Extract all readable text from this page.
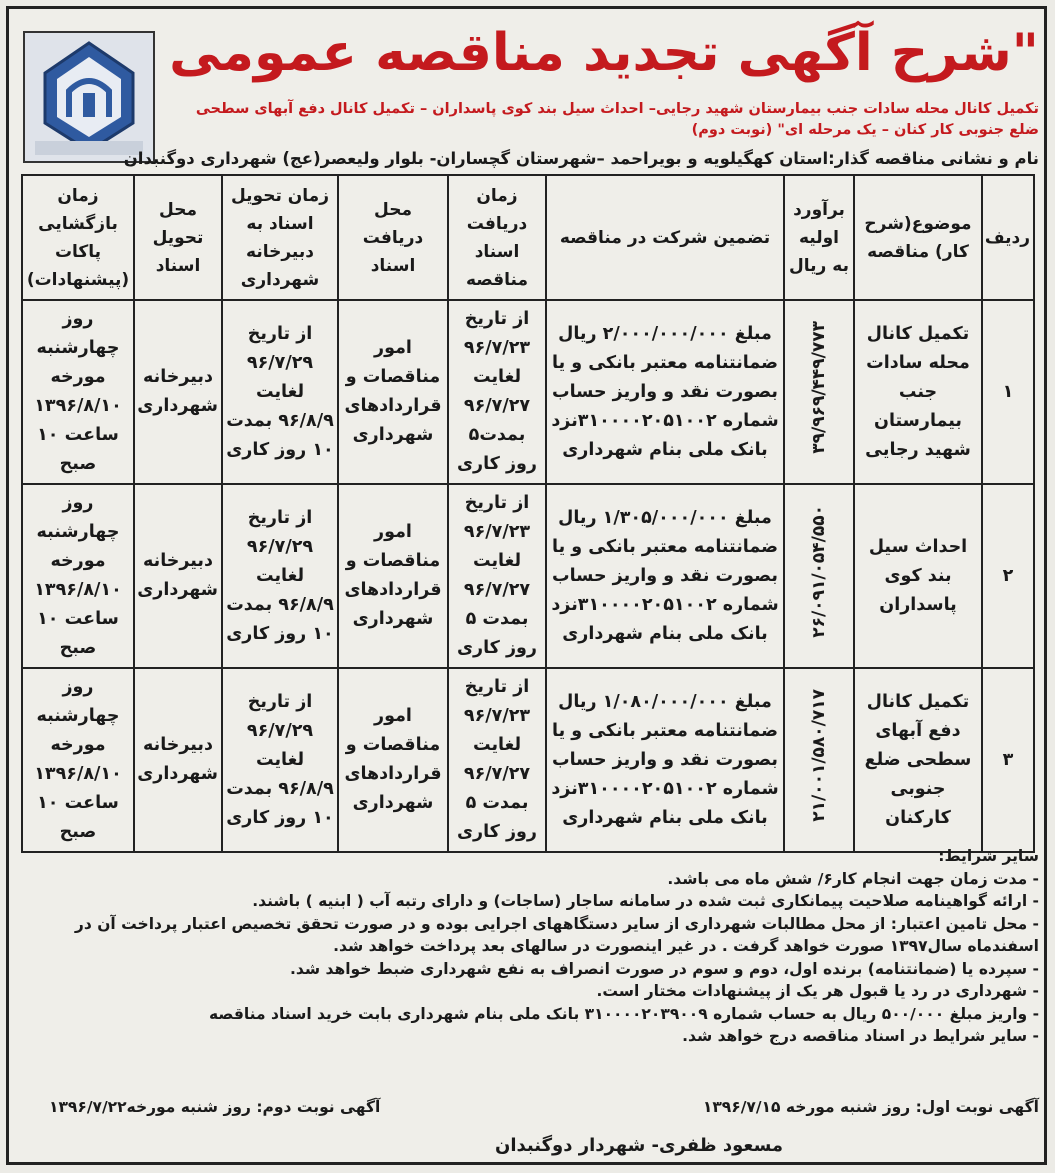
"شرح آگهی تجدید مناقصه عمومی
تکمیل کانال محله سادات جنب بیمارستان شهید رجایی– احداث سیل بند کوی پاسداران – تکمیل کانال دفع آبهای سطحی ضلع جنوبی کار کنان – یک مرحله ای" (نوبت دوم)
نام و نشانی مناقصه گذار:استان کهگیلویه و بویراحمد –شهرستان گچساران- بلوار ولیعصر(عج) شهرداری دوگنبدان
ردیف	موضوع(شرح کار) مناقصه	برآورد اولیه به ریال	تضمین شرکت در مناقصه	زمان دریافت اسناد مناقصه	محل دریافت اسناد	زمان تحویل اسناد به دبیرخانه شهرداری	محل تحویل اسناد	زمان بازگشایی پاکات (پیشنهادات)
۱	تکمیل کانال محله سادات جنب بیمارستان شهید رجایی	۳۹/۹۶۹/۴۴۹/۷۷۳	مبلغ ۲/۰۰۰/۰۰۰/۰۰۰ ریال ضمانتنامه معتبر بانکی و یا بصورت نقد و واریز حساب شماره ۳۱۰۰۰۰۲۰۵۱۰۰۲نزد بانک ملی بنام شهرداری	از تاریخ ۹۶/۷/۲۳ لغایت ۹۶/۷/۲۷ بمدت۵ روز کاری	امور مناقصات و قراردادهای شهرداری	از تاریخ ۹۶/۷/۲۹ لغایت ۹۶/۸/۹ بمدت ۱۰ روز کاری	دبیرخانه شهرداری	روز چهارشنبه مورخه ۱۳۹۶/۸/۱۰ ساعت ۱۰ صبح
۲	احداث سیل بند کوی پاسداران	۲۶/۰۹۱/۰۵۴/۵۵۰	مبلغ ۱/۳۰۵/۰۰۰/۰۰۰ ریال ضمانتنامه معتبر بانکی و یا بصورت نقد و واریز حساب شماره ۳۱۰۰۰۰۲۰۵۱۰۰۲نزد بانک ملی بنام شهرداری	از تاریخ ۹۶/۷/۲۳ لغایت ۹۶/۷/۲۷ بمدت ۵ روز کاری	امور مناقصات و قراردادهای شهرداری	از تاریخ ۹۶/۷/۲۹ لغایت ۹۶/۸/۹ بمدت ۱۰ روز کاری	دبیرخانه شهرداری	روز چهارشنبه مورخه ۱۳۹۶/۸/۱۰ ساعت ۱۰ صبح
۳	تکمیل کانال دفع آبهای سطحی ضلع جنوبی کارکنان	۲۱/۰۰۱/۵۸۰/۷۱۷	مبلغ ۱/۰۸۰/۰۰۰/۰۰۰ ریال ضمانتنامه معتبر بانکی و یا بصورت نقد و واریز حساب شماره ۳۱۰۰۰۰۲۰۵۱۰۰۲نزد بانک ملی بنام شهرداری	از تاریخ ۹۶/۷/۲۳ لغایت ۹۶/۷/۲۷ بمدت ۵ روز کاری	امور مناقصات و قراردادهای شهرداری	از تاریخ ۹۶/۷/۲۹ لغایت ۹۶/۸/۹ بمدت ۱۰ روز کاری	دبیرخانه شهرداری	روز چهارشنبه مورخه ۱۳۹۶/۸/۱۰ ساعت ۱۰ صبح
سایر شرایط:
- مدت زمان جهت انجام کار۶/ شش ماه می باشد.
- ارائه گواهینامه صلاحیت پیمانکاری ثبت شده در سامانه ساجار (ساجات) و دارای رتبه آب ( ابنیه ) باشند.
- محل تامین اعتبار: از محل مطالبات شهرداری از سایر دستگاههای اجرایی بوده و در صورت تحقق تخصیص اعتبار پرداخت آن در اسفندماه سال۱۳۹۷ صورت خواهد گرفت . در غیر اینصورت در سالهای بعد پرداخت خواهد شد.
- سپرده یا (ضمانتنامه) برنده اول، دوم و سوم در صورت انصراف به نفع شهرداری ضبط خواهد شد.
- شهرداری در رد یا قبول هر یک از پیشنهادات مختار است.
- واریز مبلغ ۵۰۰/۰۰۰ ریال به حساب شماره ۳۱۰۰۰۰۲۰۳۹۰۰۹ بانک ملی بنام شهرداری بابت خرید اسناد مناقصه
- سایر شرایط در اسناد مناقصه درج خواهد شد.
آگهی نوبت اول: روز شنبه مورخه ۱۳۹۶/۷/۱۵
آگهی نوبت دوم: روز شنبه مورخه۱۳۹۶/۷/۲۲
مسعود ظفری- شهردار دوگنبدان
